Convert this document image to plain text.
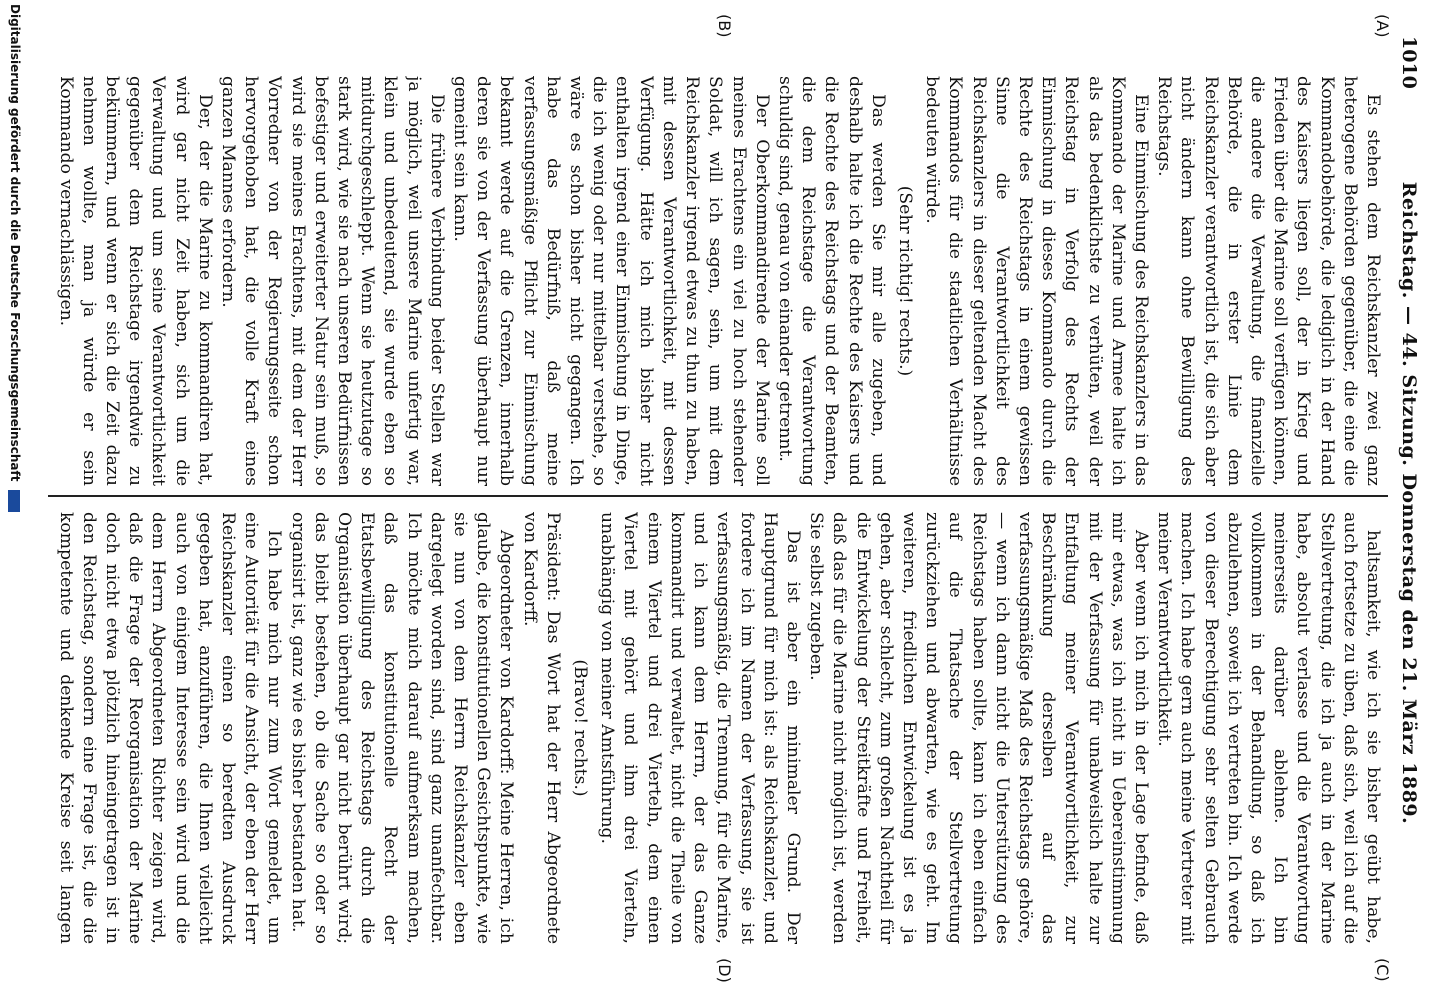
1010
Reichstag. — 44. Sitzung. Donnerstag den 21. März 1889.
(A)
(B)
(C)
(D)

Es stehen dem Reichskanzler zwei ganz heterogene Behörden gegenüber, die eine die Kommandobehörde, die lediglich in der Hand des Kaisers liegen soll, der in Krieg und Frieden über die Marine soll verfügen können, die andere die Verwaltung, die finanzielle Behörde, die in erster Linie dem Reichskanzler verantwortlich ist, die sich aber nicht ändern kann ohne Bewilligung des Reichstags.

Eine Einmischung des Reichskanzlers in das Kommando der Marine und Armee halte ich als das bedenklichste zu verhüten, weil der Reichstag in Verfolg des Rechts der Einmischung in dieses Kommando durch die Rechte des Reichstags in einem gewissen Sinne die Verantwortlichkeit des Reichskanzlers in dieser geltenden Macht des Kommandos für die staatlichen Verhältnisse bedeuten würde.

(Sehr richtig! rechts.)

Das werden Sie mir alle zugeben, und deshalb halte ich die Rechte des Kaisers und die Rechte des Reichstags und der Beamten, die dem Reichstage die Verantwortung schuldig sind, genau von einander getrennt.

Der Oberkommandirende der Marine soll meines Erachtens ein viel zu hoch stehender Soldat, will ich sagen, sein, um mit dem Reichskanzler irgend etwas zu thun zu haben, mit dessen Verantwortlichkeit, mit dessen Verfügung. Hätte ich mich bisher nicht enthalten irgend einer Einmischung in Dinge, die ich wenig oder nur mittelbar verstehe, so wäre es schon bisher nicht gegangen. Ich habe das Bedürfniß, daß meine verfassungsmäßige Pflicht zur Einmischung bekannt werde auf die Grenzen, innerhalb deren sie von der Verfassung überhaupt nur gemeint sein kann.

Die frühere Verbindung beider Stellen war ja möglich, weil unsere Marine unfertig war, klein und unbedeutend, sie wurde eben so mitdurchgeschleppt. Wenn sie heutzutage so stark wird, wie sie nach unseren Bedürfnissen befestiger und erweiterter Natur sein muß, so wird sie meines Erachtens, mit dem der Herr Vorredner von der Regierungsseite schon hervorgehoben hat, die volle Kraft eines ganzen Mannes erfordern.

Der, der die Marine zu kommandiren hat, wird gar nicht Zeit haben, sich um die Verwaltung und um seine Verantwortlichkeit gegenüber dem Reichstage irgendwie zu bekümmern, und wenn er sich die Zeit dazu nehmen wollte, man ja würde er sein Kommando vernachlässigen.

haltsamkeit, wie ich sie bisher geübt habe, auch fortsetze zu üben, daß sich, weil ich auf die Stellvertretung, die ich ja auch in der Marine habe, absolut verlasse und die Verantwortung meinerseits darüber ablehne. Ich bin vollkommen in der Behandlung, so daß ich abzulehnen, soweit ich vertreten bin. Ich werde von dieser Berechtigung sehr selten Gebrauch machen. Ich habe gern auch meine Vertreter mit meiner Verantwortlichkeit.

Aber wenn ich mich in der Lage befinde, daß mir etwas, was ich nicht in Uebereinstimmung mit der Verfassung für unabweislich halte zur Entfaltung meiner Verantwortlichkeit, zur Beschränkung derselben auf das verfassungsmäßige Maß des Reichstags gehöre, — wenn ich dann nicht die Unterstützung des Reichstags haben sollte, kann ich eben einfach auf die Thatsache der Stellvertretung zurückziehen und abwarten, wie es geht. Im weiteren, friedlichen Entwickelung ist es ja gehen, aber schlecht, zum großen Nachtheil für die Entwickelung der Streitkräfte und Freiheit, daß das für die Marine nicht möglich ist, werden Sie selbst zugeben.

Das ist aber ein minimaler Grund. Der Hauptgrund für mich ist: als Reichskanzler, und fordere ich im Namen der Verfassung, sie ist verfassungsmäßig, die Trennung, für die Marine, und ich kann dem Herrn, der das Ganze kommandirt und verwaltet, nicht die Theile von einem Viertel und drei Vierteln, dem einen Viertel mit gehört und ihm drei Vierteln, unabhängig von meiner Amtsführung.

(Bravo! rechts.)

Präsident: Das Wort hat der Herr Abgeordnete von Kardorff.

Abgeordneter von Kardorff: Meine Herren, ich glaube, die konstitutionellen Gesichtspunkte, wie sie nun von dem Herrn Reichskanzler eben dargelegt worden sind, sind ganz unanfechtbar. Ich möchte mich darauf aufmerksam machen, daß das konstitutionelle Recht der Etatsbewilligung des Reichstags durch die Organisation überhaupt gar nicht berührt wird; das bleibt bestehen, ob die Sache so oder so organisirt ist, ganz wie es bisher bestanden hat.

Ich habe mich nur zum Wort gemeldet, um eine Autorität für die Ansicht, der eben der Herr Reichskanzler einen so beredten Ausdruck gegeben hat, anzuführen, die Ihnen vielleicht auch von einigem Interesse sein wird und die dem Herrn Abgeordneten Richter zeigen wird, daß die Frage der Reorganisation der Marine doch nicht etwa plötzlich hineingetragen ist in den Reichstag, sondern eine Frage ist, die die kompetente und denkende Kreise seit langen

Digitalisierung gefördert durch die Deutsche Forschungsgemeinschaft
